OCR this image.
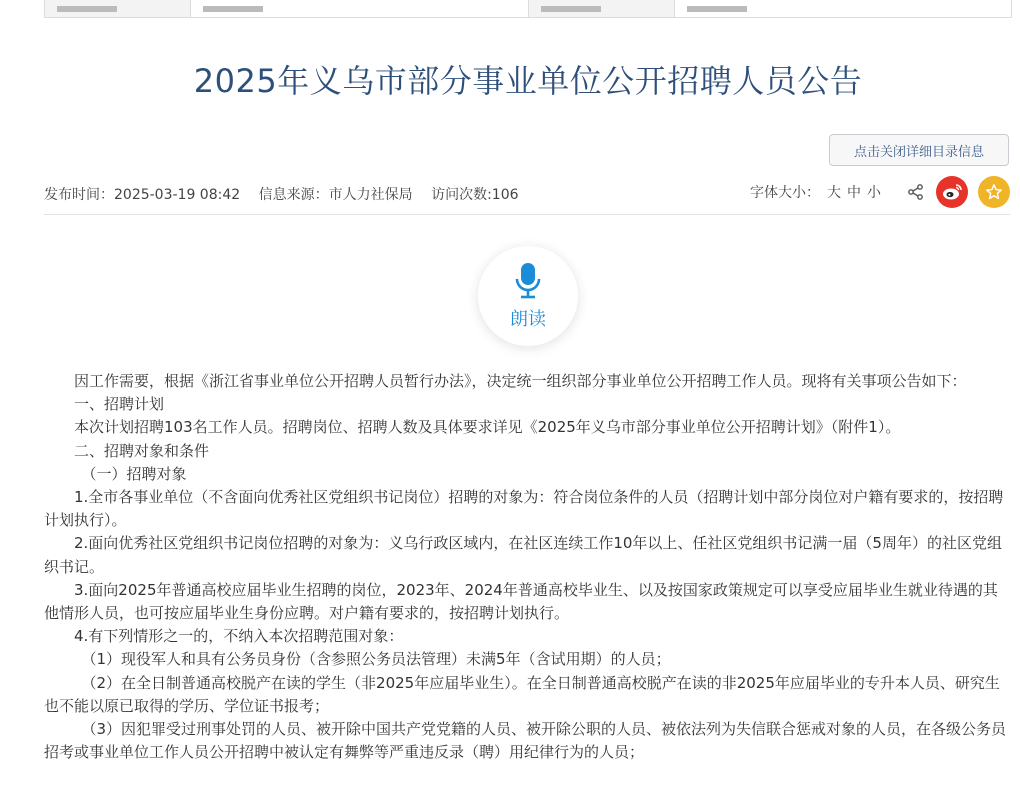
2025年义乌市部分事业单位公开招聘人员公告
点击关闭详细目录信息
发布时间：2025-03-19 08:42 信息来源：市人力社保局 访问次数:106	字体大小： 大 中 小
朗读

因工作需要，根据《浙江省事业单位公开招聘人员暂行办法》，决定统一组织部分事业单位公开招聘工作人员。现将有关事项公告如下：

一、招聘计划

本次计划招聘103名工作人员。招聘岗位、招聘人数及具体要求详见《2025年义乌市部分事业单位公开招聘计划》（附件1）。

二、招聘对象和条件

（一）招聘对象

1.全市各事业单位（不含面向优秀社区党组织书记岗位）招聘的对象为：符合岗位条件的人员（招聘计划中部分岗位对户籍有要求的，按招聘计划执行）。

2.面向优秀社区党组织书记岗位招聘的对象为：义乌行政区域内，在社区连续工作10年以上、任社区党组织书记满一届（5周年）的社区党组织书记。

3.面向2025年普通高校应届毕业生招聘的岗位，2023年、2024年普通高校毕业生、以及按国家政策规定可以享受应届毕业生就业待遇的其他情形人员，也可按应届毕业生身份应聘。对户籍有要求的，按招聘计划执行。

4.有下列情形之一的，不纳入本次招聘范围对象：

（1）现役军人和具有公务员身份（含参照公务员法管理）未满5年（含试用期）的人员；

（2）在全日制普通高校脱产在读的学生（非2025年应届毕业生）。在全日制普通高校脱产在读的非2025年应届毕业的专升本人员、研究生也不能以原已取得的学历、学位证书报考；

（3）因犯罪受过刑事处罚的人员、被开除中国共产党党籍的人员、被开除公职的人员、被依法列为失信联合惩戒对象的人员，在各级公务员招考或事业单位工作人员公开招聘中被认定有舞弊等严重违反录（聘）用纪律行为的人员；
